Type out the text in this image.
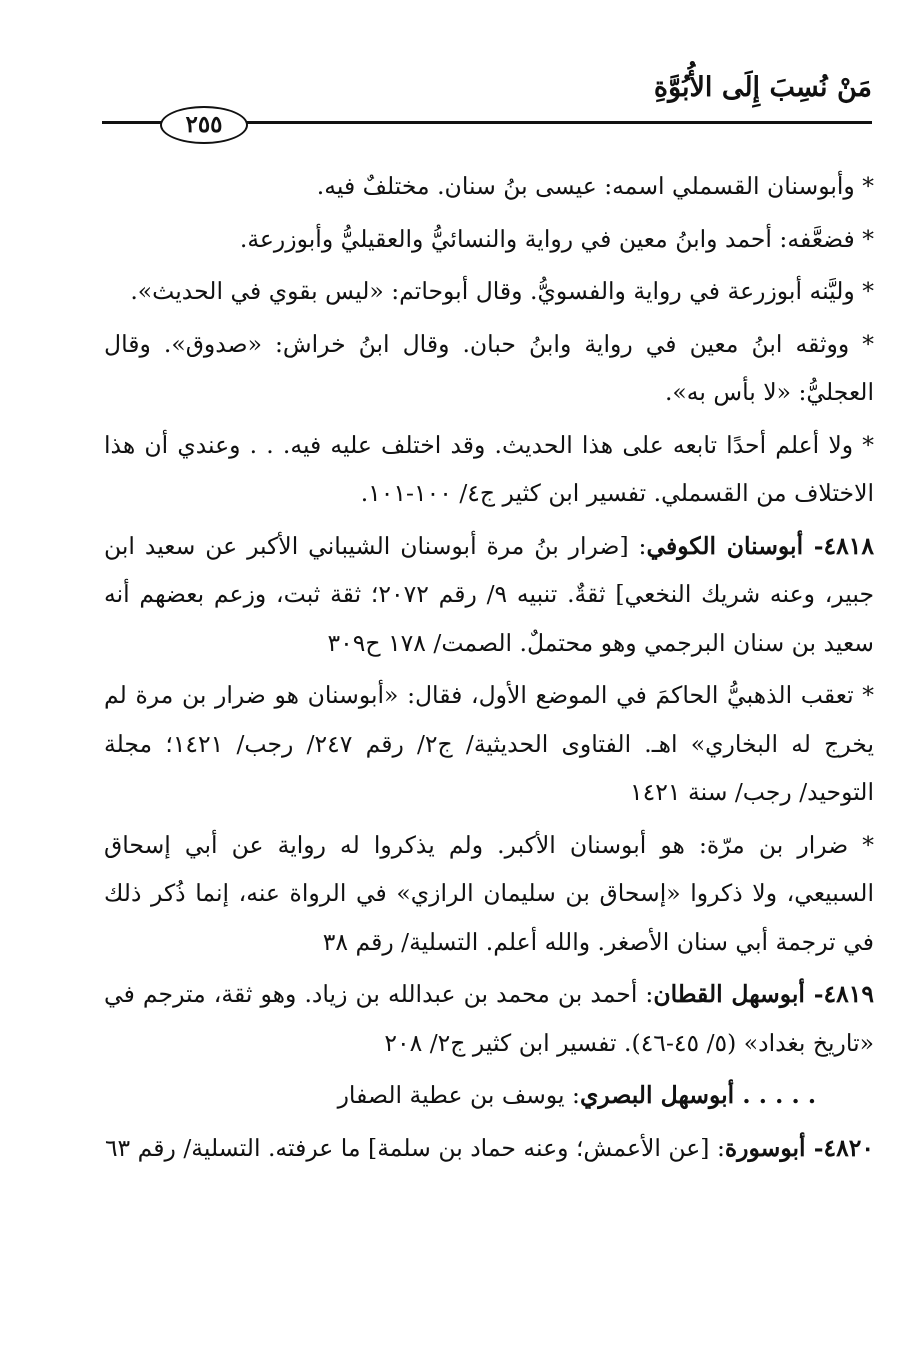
مَنْ نُسِبَ إِلَى الأُبُوَّةِ
٢٥٥

* وأبوسنان القسملي اسمه: عيسى بنُ سنان. مختلفٌ فيه.

* فضعَّفه: أحمد وابنُ معين في رواية والنسائيُّ والعقيليُّ وأبوزرعة.

* وليَّنه أبوزرعة في رواية والفسويُّ. وقال أبوحاتم: «ليس بقوي في الحديث».

* ووثقه ابنُ معين في رواية وابنُ حبان. وقال ابنُ خراش: «صدوق». وقال العجليُّ: «لا بأس به».

* ولا أعلم أحدًا تابعه على هذا الحديث. وقد اختلف عليه فيه. . . وعندي أن هذا الاختلاف من القسملي. تفسير ابن كثير ج٤/ ١٠٠-١٠١.

٤٨١٨- أبوسنان الكوفي: [ضرار بنُ مرة أبوسنان الشيباني الأكبر عن سعيد ابن جبير، وعنه شريك النخعي] ثقةٌ. تنبيه ٩/ رقم ٢٠٧٢؛ ثقة ثبت، وزعم بعضهم أنه سعيد بن سنان البرجمي وهو محتملٌ. الصمت/ ١٧٨ ح٣٠٩

* تعقب الذهبيُّ الحاكمَ في الموضع الأول، فقال: «أبوسنان هو ضرار بن مرة لم يخرج له البخاري» اهـ. الفتاوى الحديثية/ ج٢/ رقم ٢٤٧/ رجب/ ١٤٢١؛ مجلة التوحيد/ رجب/ سنة ١٤٢١

* ضرار بن مرّة: هو أبوسنان الأكبر. ولم يذكروا له رواية عن أبي إسحاق السبيعي، ولا ذكروا «إسحاق بن سليمان الرازي» في الرواة عنه، إنما ذُكر ذلك في ترجمة أبي سنان الأصغر. والله أعلم. التسلية/ رقم ٣٨

٤٨١٩- أبوسهل القطان: أحمد بن محمد بن عبدالله بن زياد. وهو ثقة، مترجم في «تاريخ بغداد» (٥/ ٤٥-٤٦). تفسير ابن كثير ج٢/ ٢٠٨

. . . . . أبوسهل البصري: يوسف بن عطية الصفار

٤٨٢٠- أبوسورة: [عن الأعمش؛ وعنه حماد بن سلمة] ما عرفته. التسلية/ رقم ٦٣
